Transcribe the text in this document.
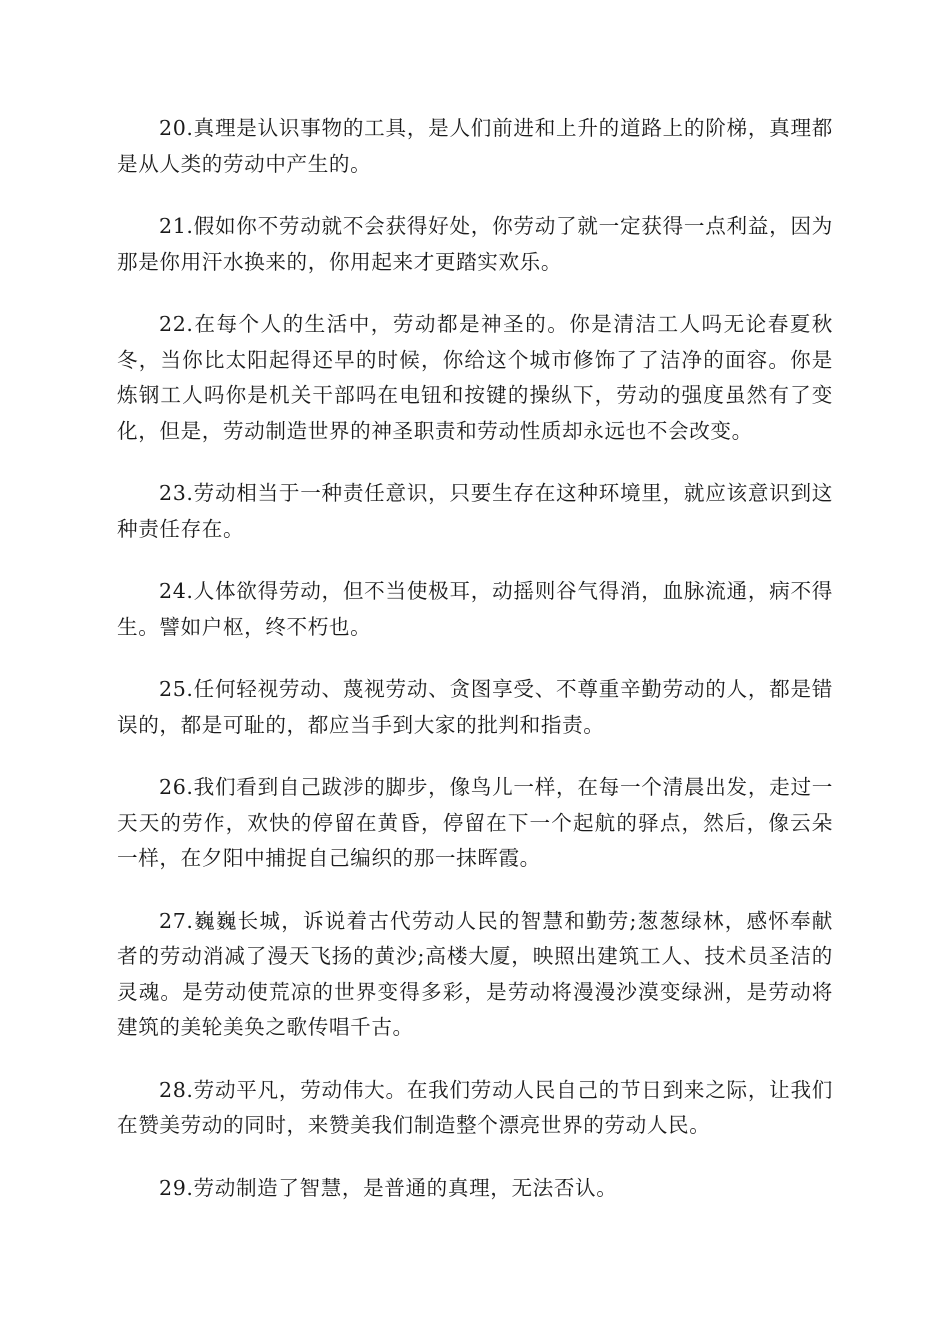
20.真理是认识事物的工具，是人们前进和上升的道路上的阶梯，真理都是从人类的劳动中产生的。

21.假如你不劳动就不会获得好处，你劳动了就一定获得一点利益，因为那是你用汗水换来的，你用起来才更踏实欢乐。

22.在每个人的生活中，劳动都是神圣的。你是清洁工人吗无论春夏秋冬，当你比太阳起得还早的时候，你给这个城市修饰了了洁净的面容。你是炼钢工人吗你是机关干部吗在电钮和按键的操纵下，劳动的强度虽然有了变化，但是，劳动制造世界的神圣职责和劳动性质却永远也不会改变。

23.劳动相当于一种责任意识，只要生存在这种环境里，就应该意识到这种责任存在。

24.人体欲得劳动，但不当使极耳，动摇则谷气得消，血脉流通，病不得生。譬如户枢，终不朽也。

25.任何轻视劳动、蔑视劳动、贪图享受、不尊重辛勤劳动的人，都是错误的，都是可耻的，都应当手到大家的批判和指责。

26.我们看到自己跋涉的脚步，像鸟儿一样，在每一个清晨出发，走过一天天的劳作，欢快的停留在黄昏，停留在下一个起航的驿点，然后，像云朵一样，在夕阳中捕捉自己编织的那一抹晖霞。

27.巍巍长城，诉说着古代劳动人民的智慧和勤劳;葱葱绿林，感怀奉献者的劳动消减了漫天飞扬的黄沙;高楼大厦，映照出建筑工人、技术员圣洁的灵魂。是劳动使荒凉的世界变得多彩，是劳动将漫漫沙漠变绿洲，是劳动将建筑的美轮美奂之歌传唱千古。

28.劳动平凡，劳动伟大。在我们劳动人民自己的节日到来之际，让我们在赞美劳动的同时，来赞美我们制造整个漂亮世界的劳动人民。

29.劳动制造了智慧，是普通的真理，无法否认。
